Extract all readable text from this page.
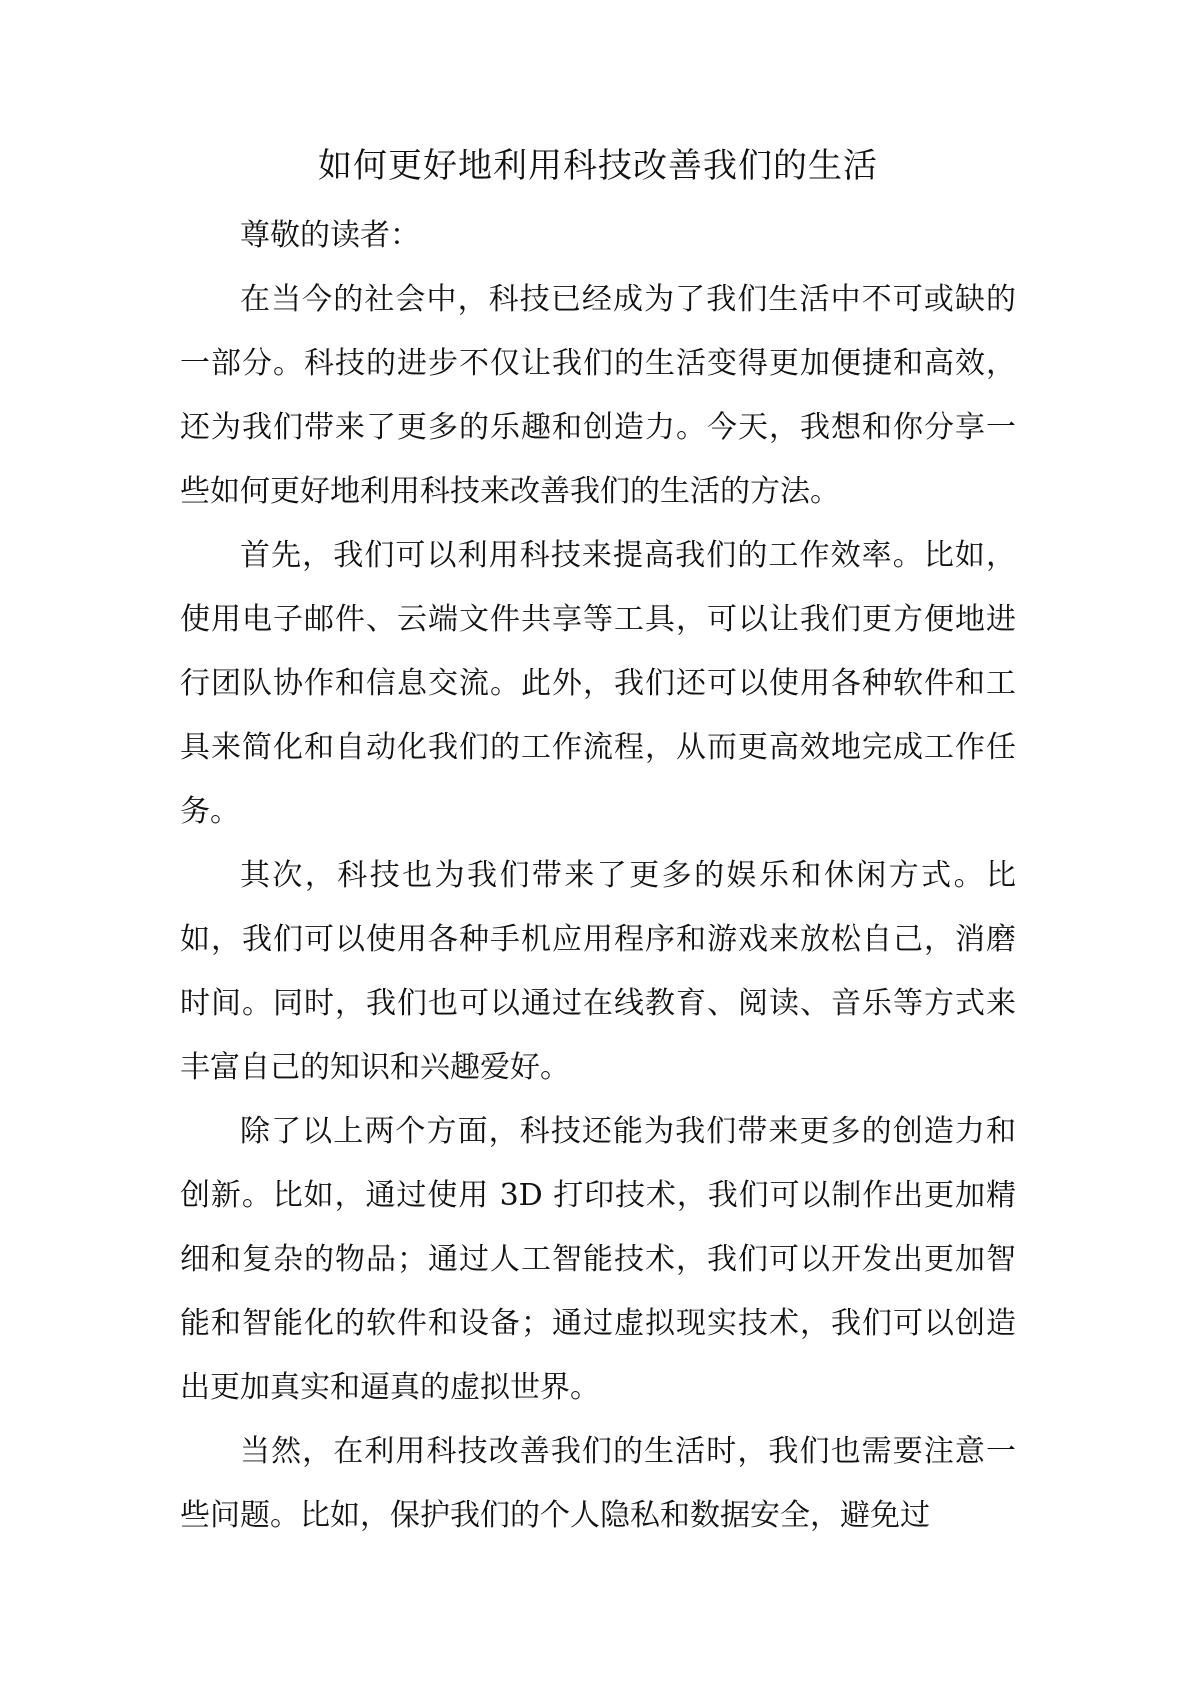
如何更好地利用科技改善我们的生活

尊敬的读者：

在当今的社会中，科技已经成为了我们生活中不可或缺的一部分。科技的进步不仅让我们的生活变得更加便捷和高效，还为我们带来了更多的乐趣和创造力。今天，我想和你分享一些如何更好地利用科技来改善我们的生活的方法。

首先，我们可以利用科技来提高我们的工作效率。比如，使用电子邮件、云端文件共享等工具，可以让我们更方便地进行团队协作和信息交流。此外，我们还可以使用各种软件和工具来简化和自动化我们的工作流程，从而更高效地完成工作任务。

其次，科技也为我们带来了更多的娱乐和休闲方式。比如，我们可以使用各种手机应用程序和游戏来放松自己，消磨时间。同时，我们也可以通过在线教育、阅读、音乐等方式来丰富自己的知识和兴趣爱好。

除了以上两个方面，科技还能为我们带来更多的创造力和创新。比如，通过使用 3D 打印技术，我们可以制作出更加精细和复杂的物品；通过人工智能技术，我们可以开发出更加智能和智能化的软件和设备；通过虚拟现实技术，我们可以创造出更加真实和逼真的虚拟世界。

当然，在利用科技改善我们的生活时，我们也需要注意一些问题。比如，保护我们的个人隐私和数据安全，避免过
